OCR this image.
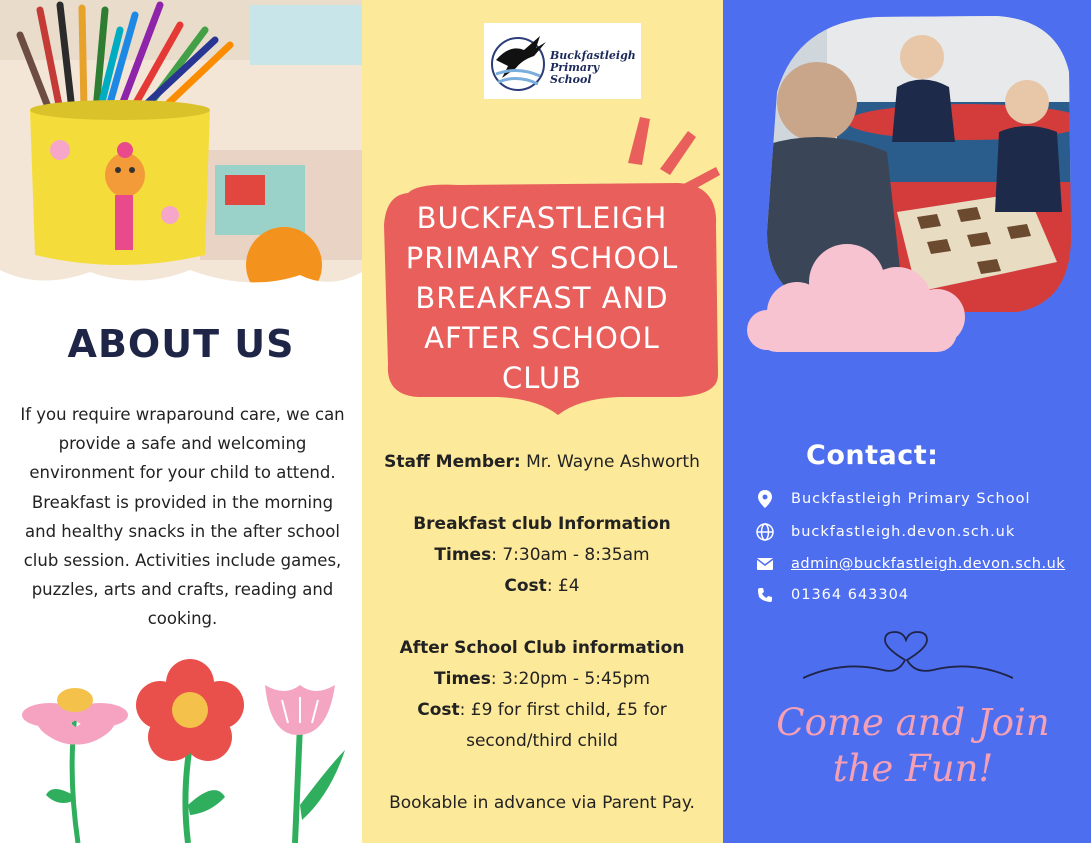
ABOUT US

If you require wraparound care, we can provide a safe and welcoming environment for your child to attend. Breakfast is provided in the morning and healthy snacks in the after school club session. Activities include games, puzzles, arts and crafts, reading and cooking.

Buckfastleigh
Primary School
BUCKFASTLEIGH
PRIMARY SCHOOL
BREAKFAST AND
AFTER SCHOOL
CLUB

Staff Member: Mr. Wayne Ashworth

Breakfast club Information

Times: 7:30am - 8:35am

Cost: £4

After School Club information

Times: 3:20pm - 5:45pm

Cost: £9 for first child, £5 for

second/third child

Bookable in advance via Parent Pay.

Contact:
Buckfastleigh Primary School
buckfastleigh.devon.sch.uk
admin@buckfastleigh.devon.sch.uk
01364 643304
Come and Join
the Fun!
